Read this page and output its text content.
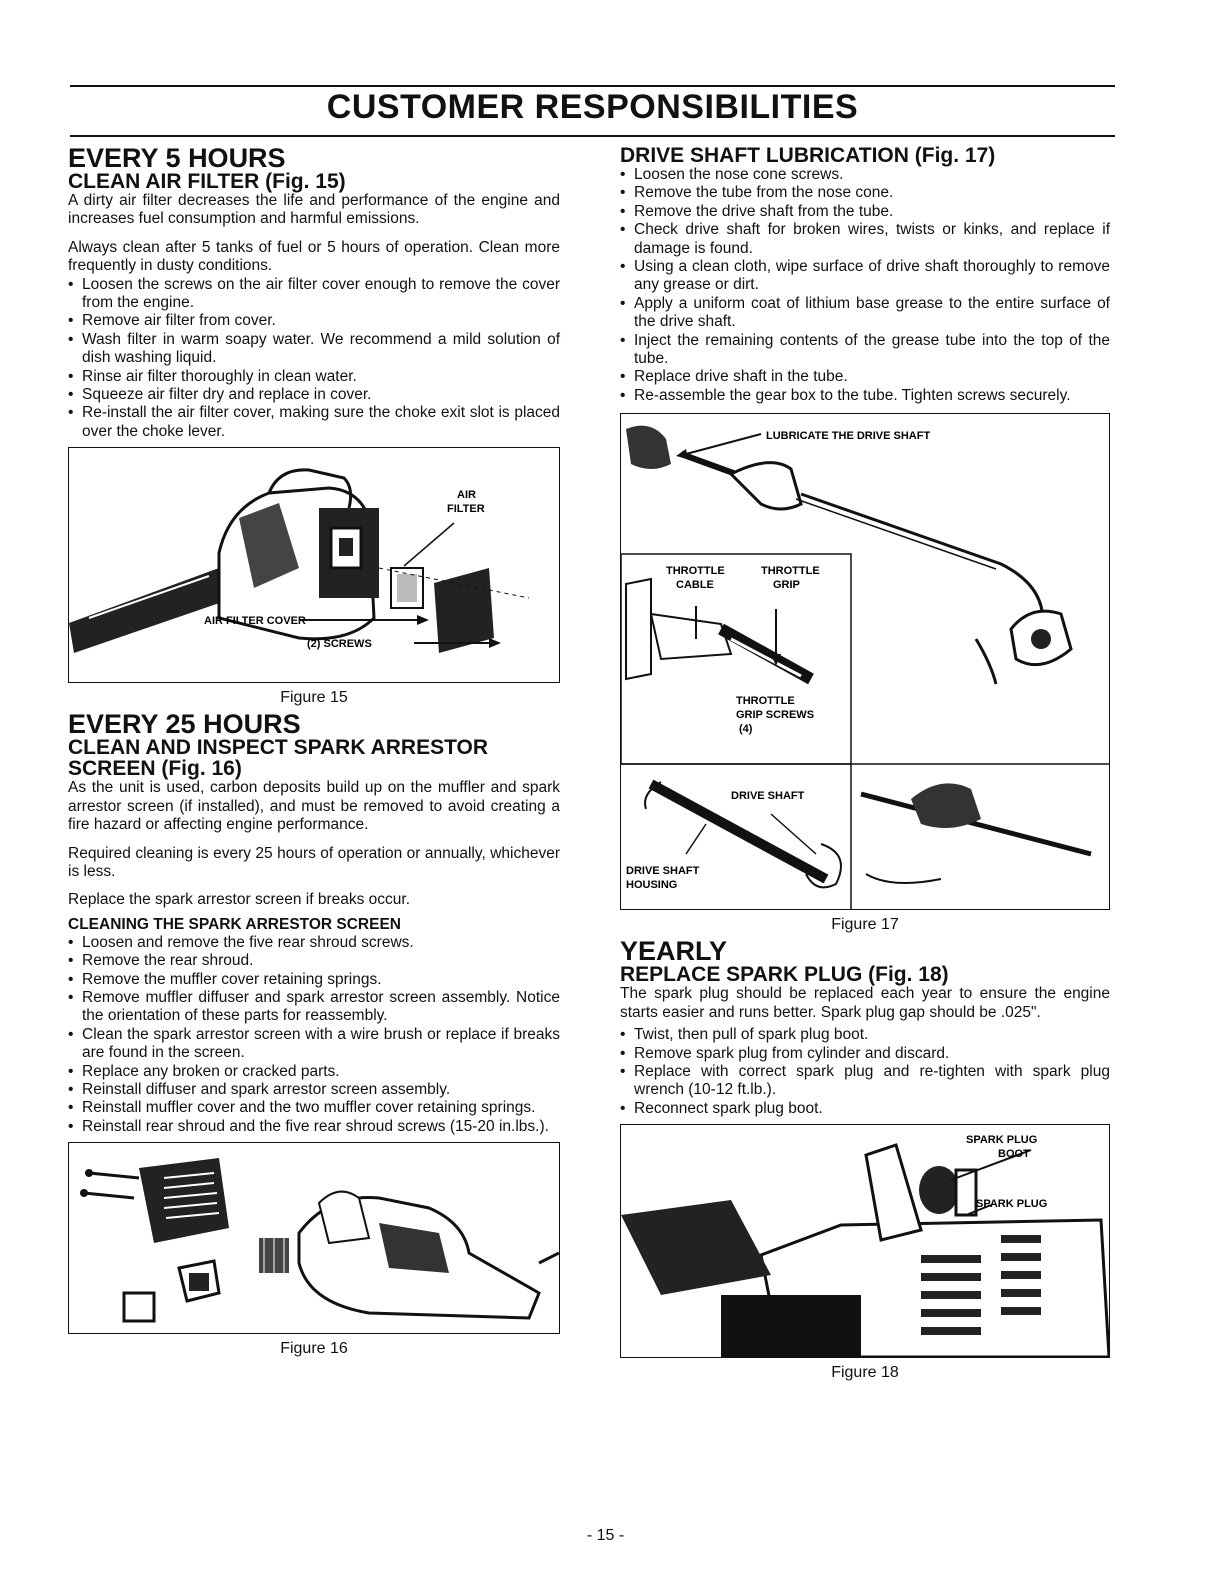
CUSTOMER RESPONSIBILITIES
EVERY 5 HOURS
CLEAN AIR FILTER (Fig. 15)

A dirty air filter decreases the life and performance of the engine and increases fuel consumption and harmful emissions.

Always clean after 5 tanks of fuel or 5 hours of operation. Clean more frequently in dusty conditions.

• Loosen the screws on the air filter cover enough to remove the cover from the engine.
• Remove air filter from cover.
• Wash filter in warm soapy water. We recommend a mild solution of dish washing liquid.
• Rinse air filter thoroughly in clean water.
• Squeeze air filter dry and replace in cover.
• Re-install the air filter cover, making sure the choke exit slot is placed over the choke lever.
AIR
FILTER
AIR FILTER COVER
(2) SCREWS
Figure 15
EVERY 25 HOURS
CLEAN AND INSPECT SPARK ARRESTOR
SCREEN (Fig. 16)

As the unit is used, carbon deposits build up on the muffler and spark arrestor screen (if installed), and must be removed to avoid creating a fire hazard or affecting engine performance.

Required cleaning is every 25 hours of operation or annually, whichever is less.

Replace the spark arrestor screen if breaks occur.

CLEANING THE SPARK ARRESTOR SCREEN
• Loosen and remove the five rear shroud screws.
• Remove the rear shroud.
• Remove the muffler cover retaining springs.
• Remove muffler diffuser and spark arrestor screen assembly. Notice the orientation of these parts for reassembly.
• Clean the spark arrestor screen with a wire brush or replace if breaks are found in the screen.
• Replace any broken or cracked parts.
• Reinstall diffuser and spark arrestor screen assembly.
• Reinstall muffler cover and the two muffler cover retaining springs.
• Reinstall rear shroud and the five rear shroud screws (15-20 in.lbs.).
Figure 16
DRIVE SHAFT LUBRICATION (Fig. 17)
• Loosen the nose cone screws.
• Remove the tube from the nose cone.
• Remove the drive shaft from the tube.
• Check drive shaft for broken wires, twists or kinks, and replace if damage is found.
• Using a clean cloth, wipe surface of drive shaft thoroughly to remove any grease or dirt.
• Apply a uniform coat of lithium base grease to the entire surface of the drive shaft.
• Inject the remaining contents of the grease tube into the top of the tube.
• Replace drive shaft in the tube.
• Re-assemble the gear box to the tube. Tighten screws securely.
LUBRICATE THE DRIVE SHAFT
THROTTLE
CABLE
THROTTLE
GRIP
THROTTLE
GRIP SCREWS
(4)
DRIVE SHAFT
DRIVE SHAFT
HOUSING
Figure 17
YEARLY
REPLACE SPARK PLUG (Fig. 18)

The spark plug should be replaced each year to ensure the engine starts easier and runs better. Spark plug gap should be .025".

• Twist, then pull of spark plug boot.
• Remove spark plug from cylinder and discard.
• Replace with correct spark plug and re-tighten with spark plug wrench (10-12 ft.lb.).
• Reconnect spark plug boot.
SPARK PLUG
BOOT
SPARK PLUG
Figure 18
- 15 -
